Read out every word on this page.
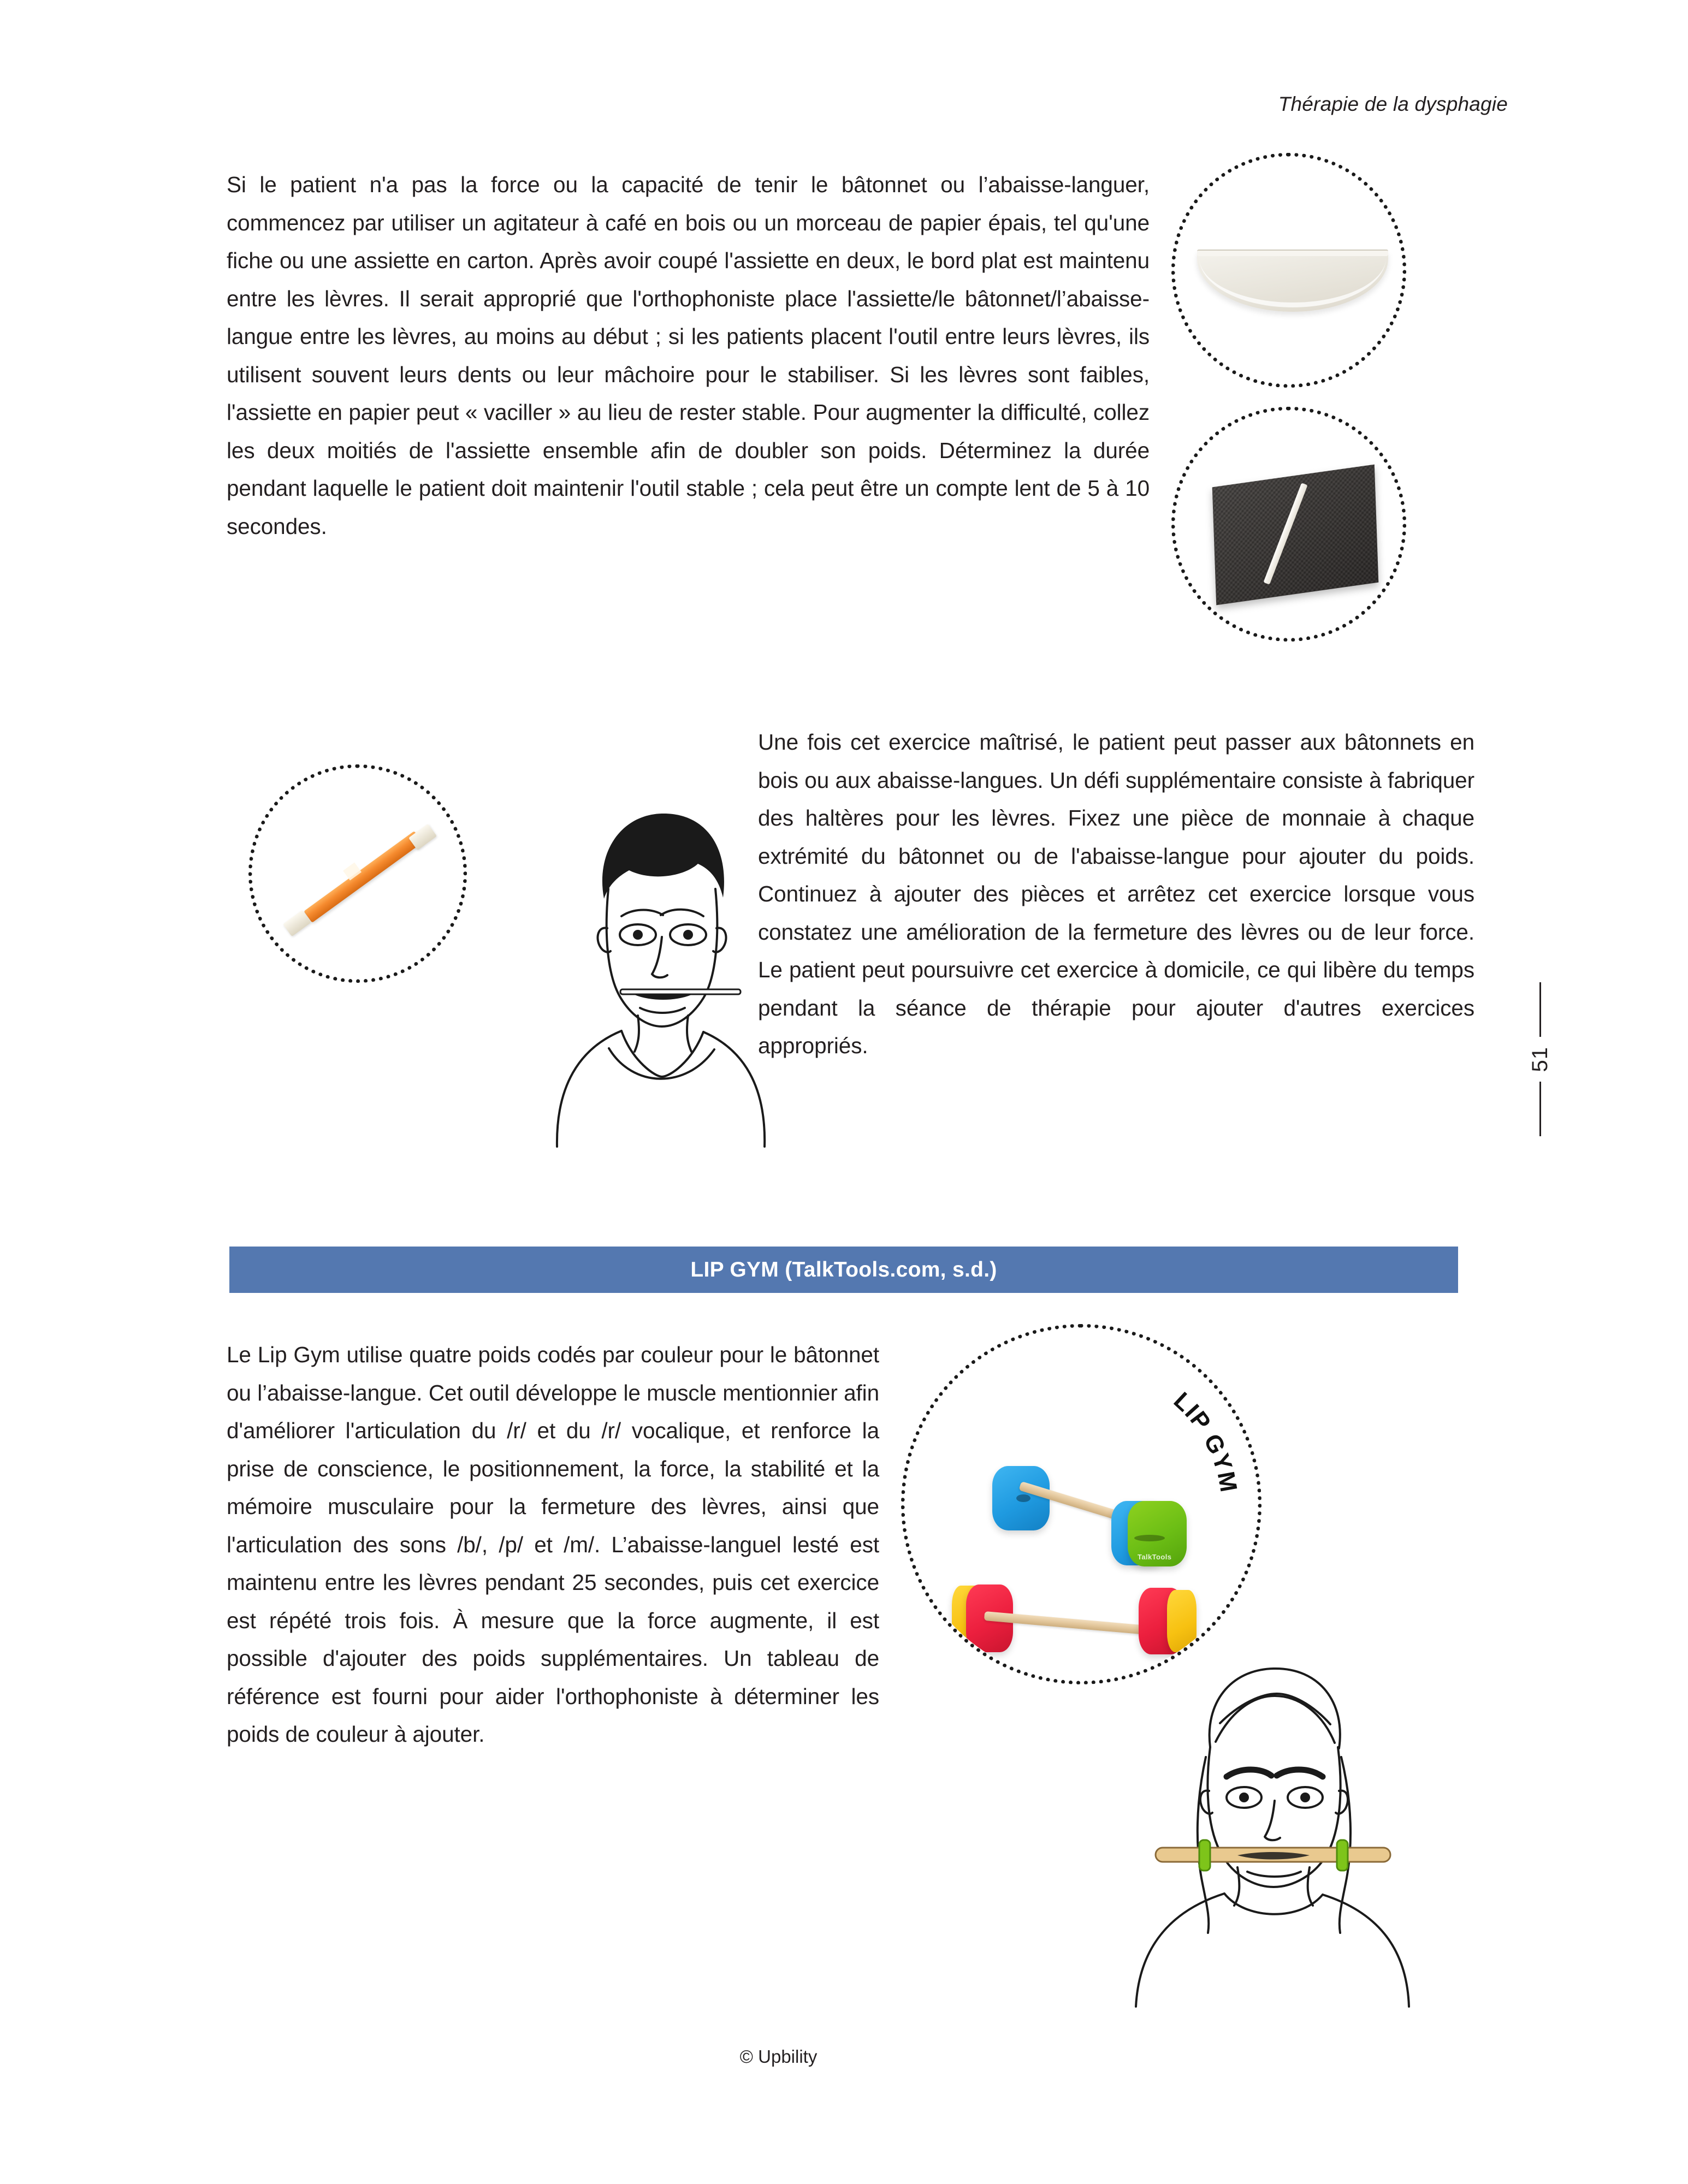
Thérapie de la dysphagie
51
Si le patient n'a pas la force ou la capacité de tenir le bâtonnet ou l’abaisse-languer, commencez par utiliser un agitateur à café en bois ou un morceau de papier épais, tel qu'une fiche ou une assiette en carton. Après avoir coupé l'assiette en deux, le bord plat est maintenu entre les lèvres. Il serait approprié que l'orthophoniste place l'assiette/le bâtonnet/l’abaisse-langue entre les lèvres, au moins au début ; si les patients placent l'outil entre leurs lèvres, ils utilisent souvent leurs dents ou leur mâchoire pour le stabiliser. Si les lèvres sont faibles, l'assiette en papier peut « vaciller » au lieu de rester stable. Pour augmenter la difficulté, collez les deux moitiés de l'assiette ensemble afin de doubler son poids. Déterminez la durée pendant laquelle le patient doit maintenir l'outil stable ; cela peut être un compte lent de 5 à 10 secondes.
Une fois cet exercice maîtrisé, le patient peut passer aux bâtonnets en bois ou aux abaisse-langues. Un défi supplémentaire consiste à fabriquer des haltères pour les lèvres. Fixez une pièce de monnaie à chaque extrémité du bâtonnet ou de l'abaisse-langue pour ajouter du poids. Continuez à ajouter des pièces et arrêtez cet exercice lorsque vous constatez une amélioration de la fermeture des lèvres ou de leur force. Le patient peut poursuivre cet exercice à domicile, ce qui libère du temps pendant la séance de thérapie pour ajouter d'autres exercices appropriés.
LIP GYM (TalkTools.com, s.d.)
Le Lip Gym utilise quatre poids codés par couleur pour le bâtonnet ou l’abaisse-langue. Cet outil développe le muscle mentionnier afin d'améliorer l'articulation du /r/ et du /r/ vocalique, et renforce la prise de conscience, le positionnement, la force, la stabilité et la mémoire musculaire pour la fermeture des lèvres, ainsi que l'articulation des sons /b/, /p/ et /m/. L’abaisse-languel lesté est maintenu entre les lèvres pendant 25 secondes, puis cet exercice est répété trois fois. À mesure que la force augmente, il est possible d'ajouter des poids supplémentaires. Un tableau de référence est fourni pour aider l'orthophoniste à déterminer les poids de couleur à ajouter.
TalkTools
LIP GYM
© Upbility
